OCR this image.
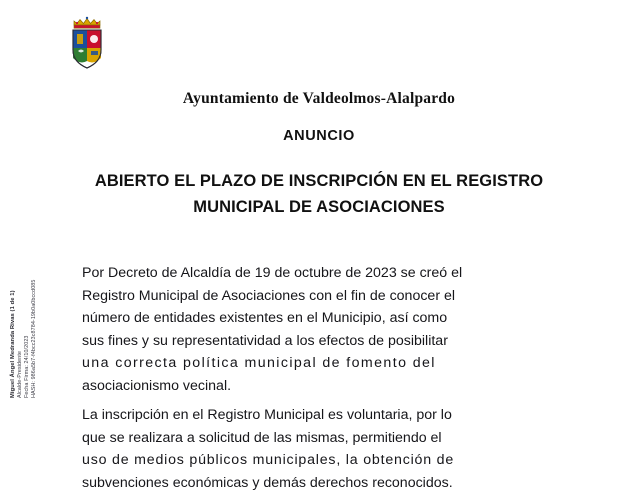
Miguel Ángel Medranda Rivas (1 de 1) Alcalde-Presidente Fecha Firma: 24/10/2023 HASH: 986a5b7-f4bcc23c8784-19b0a0bccd085
Ayuntamiento de Valdeolmos-Alalpardo
ANUNCIO
ABIERTO EL PLAZO DE INSCRIPCIÓN EN EL REGISTRO
MUNICIPAL DE ASOCIACIONES
Por Decreto de Alcaldía de 19 de octubre de 2023 se creó el
Registro Municipal de Asociaciones con el fin de conocer el
número de entidades existentes en el Municipio, así como
sus fines y su representatividad a los efectos de posibilitar
una correcta política municipal de fomento del
asociacionismo vecinal.
La inscripción en el Registro Municipal es voluntaria, por lo
que se realizara a solicitud de las mismas, permitiendo el
uso de medios públicos municipales, la obtención de
subvenciones económicas y demás derechos reconocidos.
